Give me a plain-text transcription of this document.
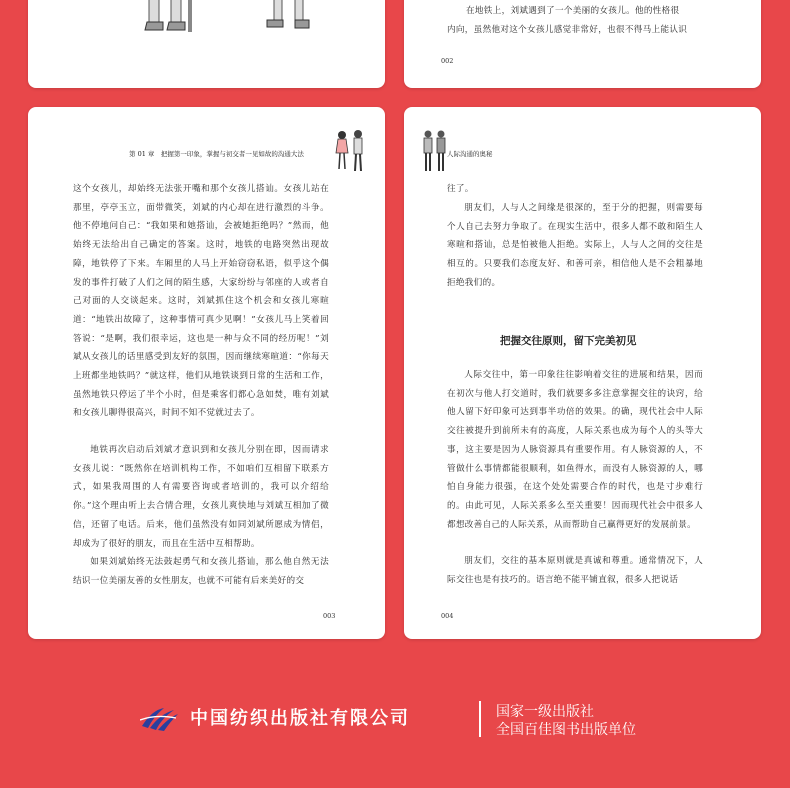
在地铁上，刘斌遇到了一个美丽的女孩儿。他的性格很
内向，虽然他对这个女孩儿感觉非常好，也很不得马上能认识
002
第 01 章　把握第一印象，掌握与初交者一见如故的沟通大法
这个女孩儿，却始终无法张开嘴和那个女孩儿搭讪。女孩儿站在那里，亭亭玉立，面带微笑，刘斌的内心却在进行激烈的斗争。他不停地问自己：“我如果和她搭讪，会被她拒绝吗？”然而，他始终无法给出自己确定的答案。这时，地铁的电路突然出现故障，地铁停了下来。车厢里的人马上开始窃窃私语，似乎这个偶发的事件打破了人们之间的陌生感，大家纷纷与邻座的人或者自己对面的人交谈起来。这时，刘斌抓住这个机会和女孩儿寒暄道：“地铁出故障了，这种事情可真少见啊！”女孩儿马上笑着回答说：“是啊，我们很幸运，这也是一种与众不同的经历呢！”刘斌从女孩儿的话里感受到友好的氛围，因而继续寒暄道：“你每天上班都坐地铁吗？”就这样，他们从地铁谈到日常的生活和工作，虽然地铁只停运了半个小时，但是乘客们都心急如焚，唯有刘斌和女孩儿聊得很高兴，时间不知不觉就过去了。
地铁再次启动后刘斌才意识到和女孩儿分别在即，因而请求女孩儿说：“既然你在培训机构工作，不如咱们互相留下联系方式，如果我周围的人有需要咨询或者培训的，我可以介绍给你。”这个理由听上去合情合理，女孩儿爽快地与刘斌互相加了微信，还留了电话。后来，他们虽然没有如同刘斌所愿成为情侣，却成为了很好的朋友，而且在生活中互相帮助。
如果刘斌始终无法鼓起勇气和女孩儿搭讪，那么他自然无法结识一位美丽友善的女性朋友，也就不可能有后来美好的交
003
人际沟通的奥秘
往了。
朋友们，人与人之间缘是很深的，至于分的把握，则需要每个人自己去努力争取了。在现实生活中，很多人都不敢和陌生人寒暄和搭讪，总是怕被他人拒绝。实际上，人与人之间的交往是相互的。只要我们态度友好、和善可亲，相信他人是不会粗暴地拒绝我们的。
把握交往原则，留下完美初见
人际交往中，第一印象往往影响着交往的进展和结果，因而在初次与他人打交道时，我们就要多多注意掌握交往的诀窍，给他人留下好印象可达到事半功倍的效果。的确，现代社会中人际交往被提升到前所未有的高度，人际关系也成为每个人的头等大事，这主要是因为人脉资源具有重要作用。有人脉资源的人，不管做什么事情都能很顺利，如鱼得水，而没有人脉资源的人，哪怕自身能力很强，在这个处处需要合作的时代，也是寸步难行的。由此可见，人际关系多么至关重要！因而现代社会中很多人都想改善自己的人际关系，从而帮助自己赢得更好的发展前景。
朋友们，交往的基本原则就是真诚和尊重。通常情况下，人际交往也是有技巧的。语言绝不能平铺直叙，很多人把说话
004
中国纺织出版社有限公司	国家一级出版社
全国百佳图书出版单位
